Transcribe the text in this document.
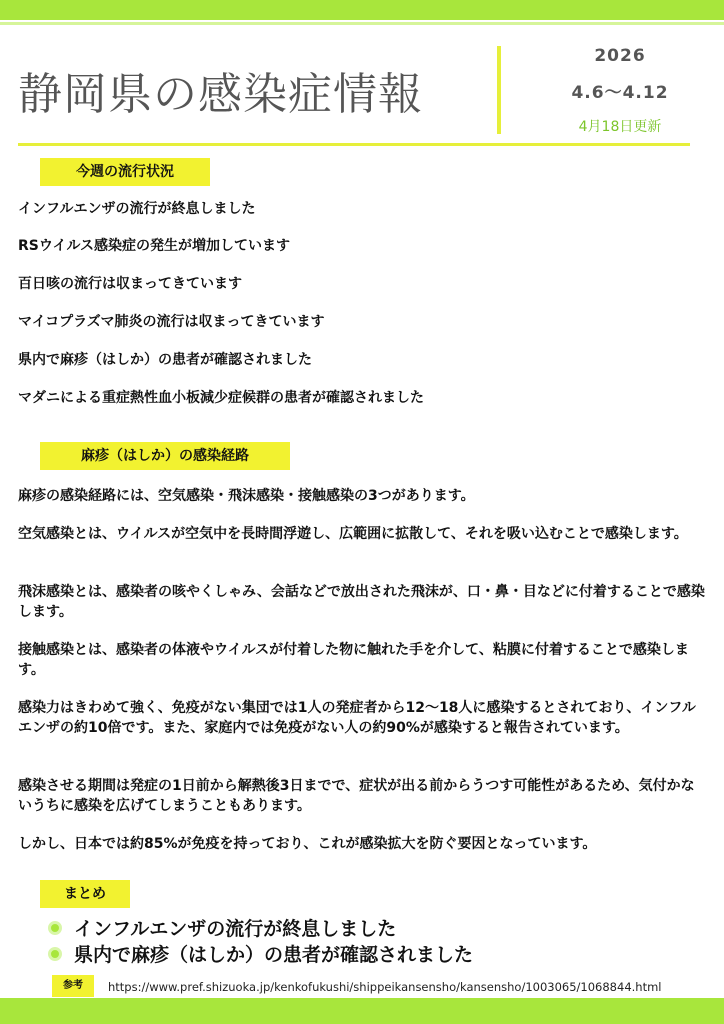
静岡県の感染症情報
2026
4.6～4.12
4月18日更新
今週の流行状況
インフルエンザの流行が終息しました
RSウイルス感染症の発生が増加しています
百日咳の流行は収まってきています
マイコプラズマ肺炎の流行は収まってきています
県内で麻疹（はしか）の患者が確認されました
マダニによる重症熱性血小板減少症候群の患者が確認されました
麻疹（はしか）の感染経路
麻疹の感染経路には、空気感染・飛沫感染・接触感染の3つがあります。
空気感染とは、ウイルスが空気中を長時間浮遊し、広範囲に拡散して、それを吸い込むことで感染します。
飛沫感染とは、感染者の咳やくしゃみ、会話などで放出された飛沫が、口・鼻・目などに付着することで感染します。
接触感染とは、感染者の体液やウイルスが付着した物に触れた手を介して、粘膜に付着することで感染します。
感染力はきわめて強く、免疫がない集団では1人の発症者から12～18人に感染するとされており、インフルエンザの約10倍です。また、家庭内では免疫がない人の約90%が感染すると報告されています。
感染させる期間は発症の1日前から解熱後3日までで、症状が出る前からうつす可能性があるため、気付かないうちに感染を広げてしまうこともあります。
しかし、日本では約85%が免疫を持っており、これが感染拡大を防ぐ要因となっています。
まとめ
インフルエンザの流行が終息しました
県内で麻疹（はしか）の患者が確認されました
参考	https://www.pref.shizuoka.jp/kenkofukushi/shippeikansensho/kansensho/1003065/1068844.html
